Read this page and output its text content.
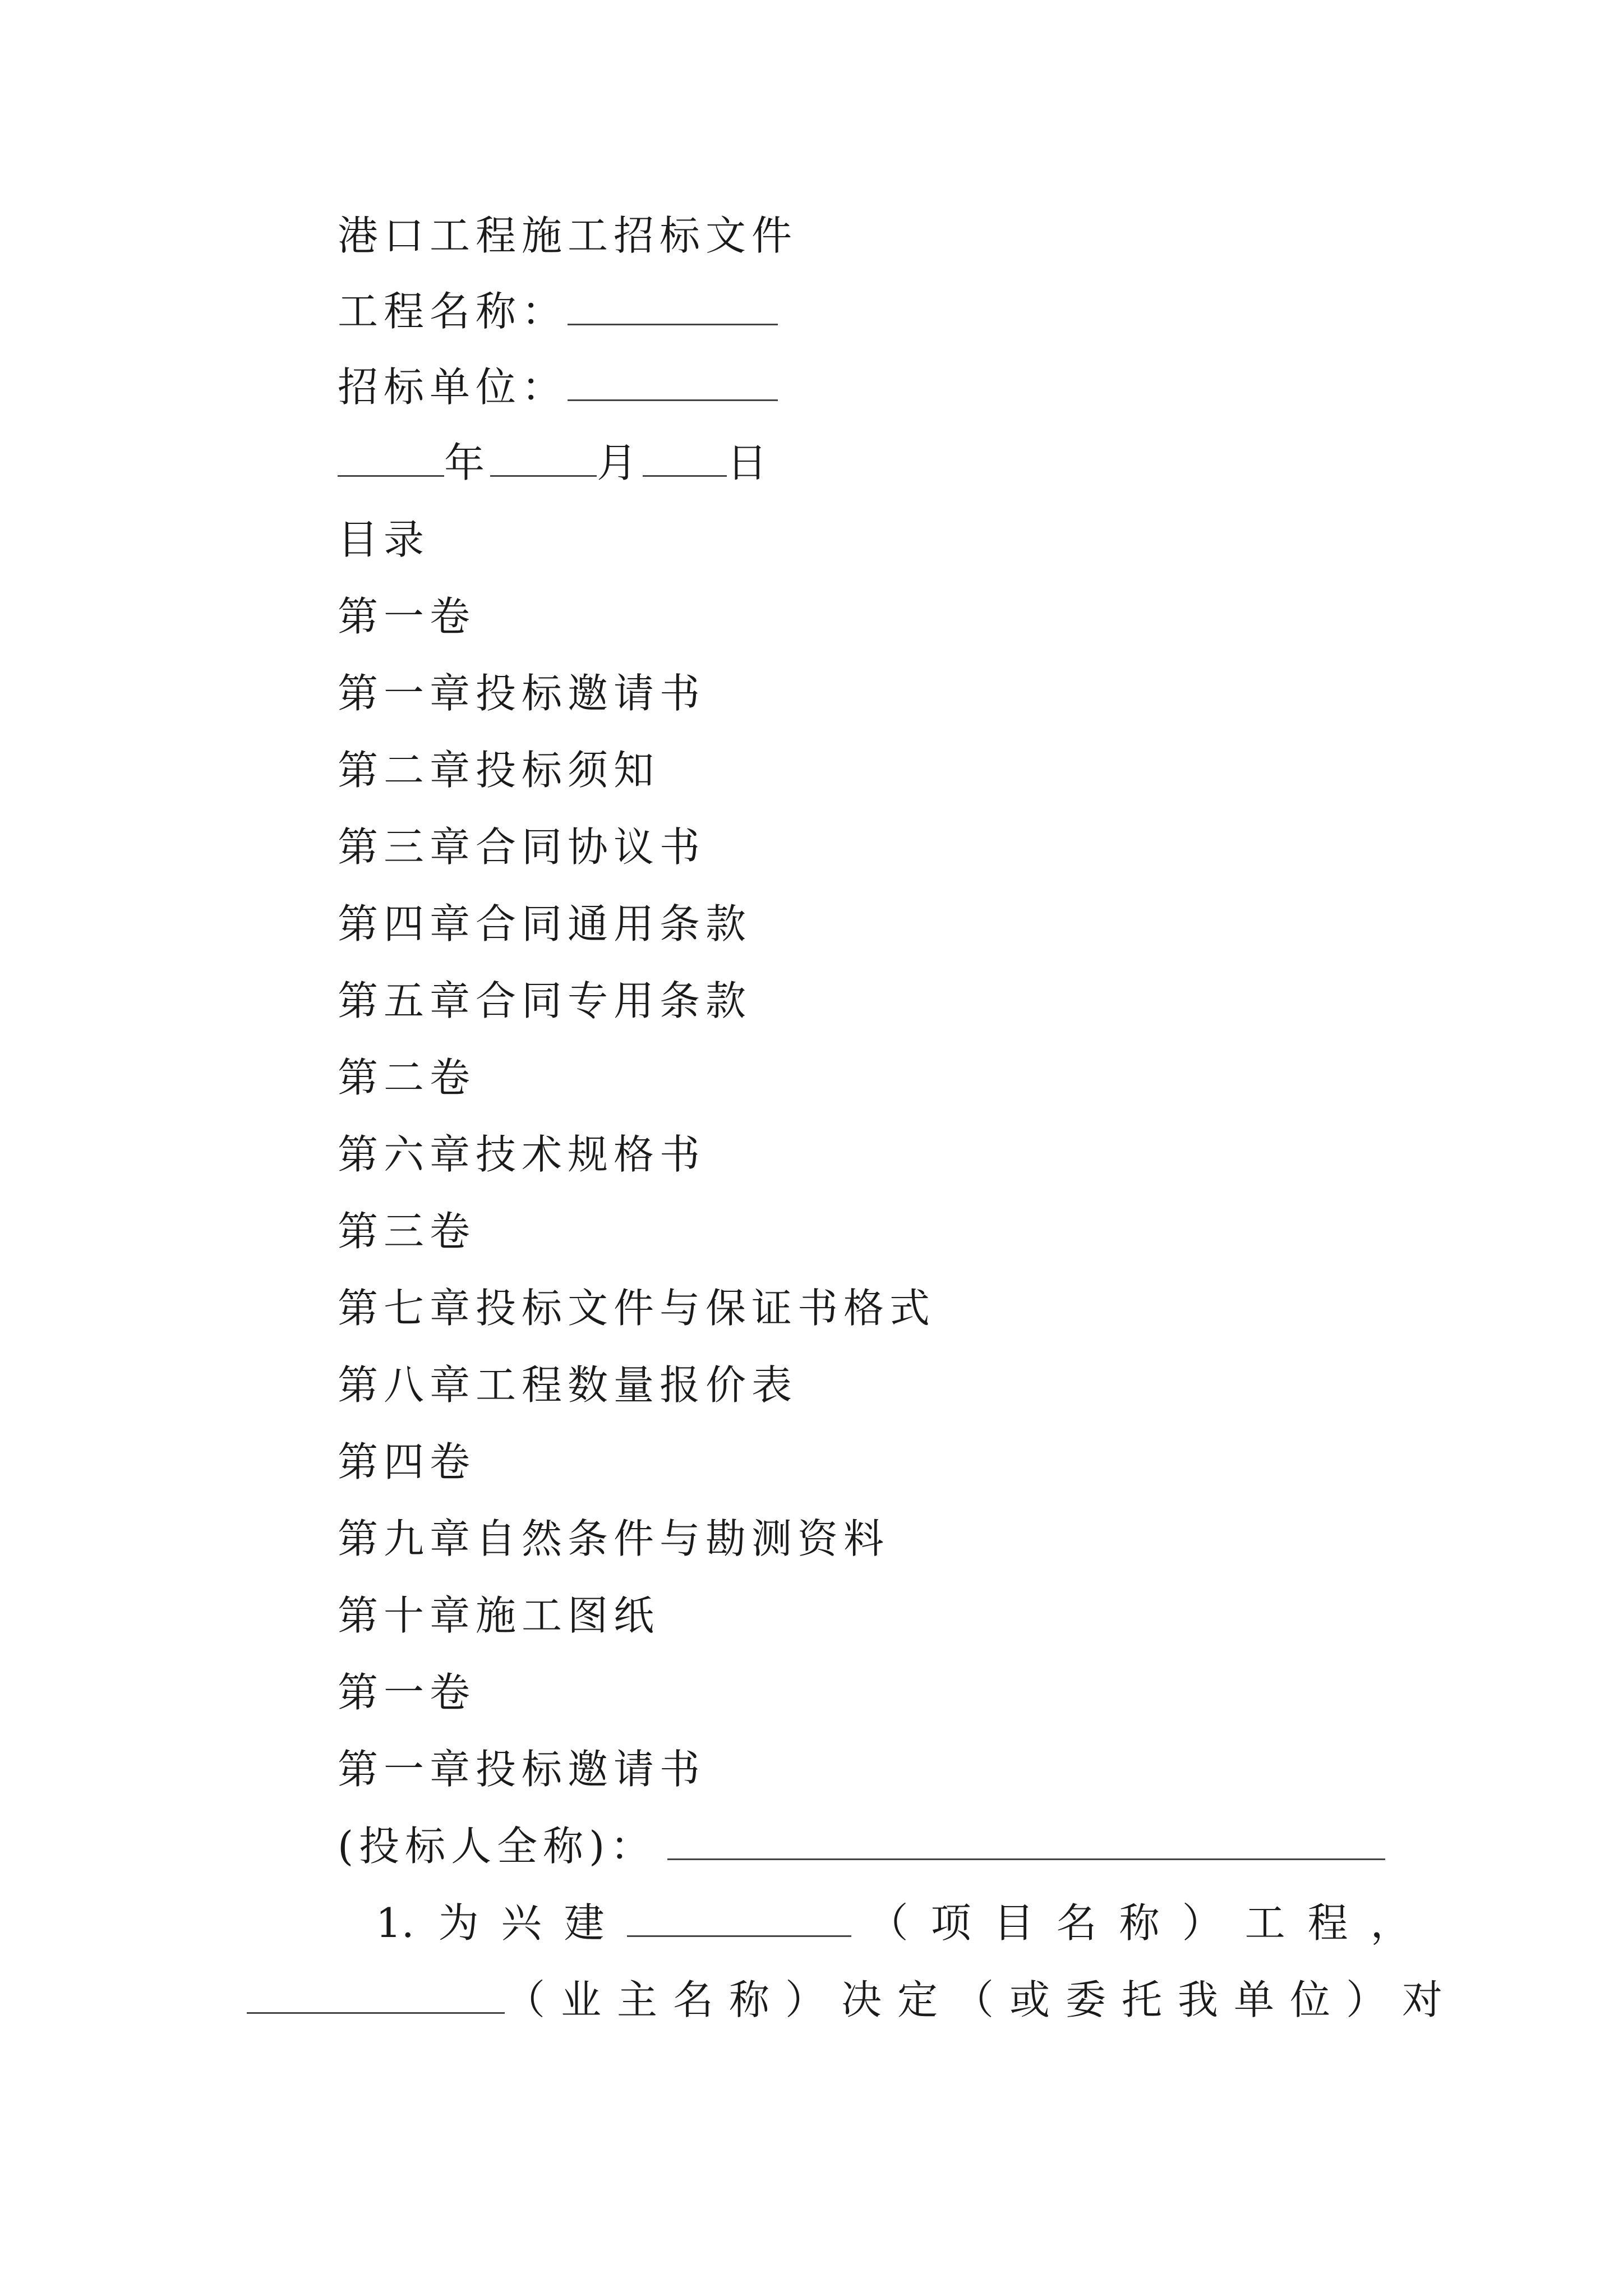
港口工程施工招标文件
工程名称：
招标单位：
年	月 日
目录
第一卷
第一章投标邀请书
第二章投标须知
第三章合同协议书
第四章合同通用条款
第五章合同专用条款
第二卷
第六章技术规格书
第三卷
第七章投标文件与保证书格式
第八章工程数量报价表
第四卷
第九章自然条件与勘测资料
第十章施工图纸
第一卷
第一章投标邀请书
(投标人全称)：
1. 为兴建	（项目名称）工程，
（业主名称）决定（或委托我单位）对
